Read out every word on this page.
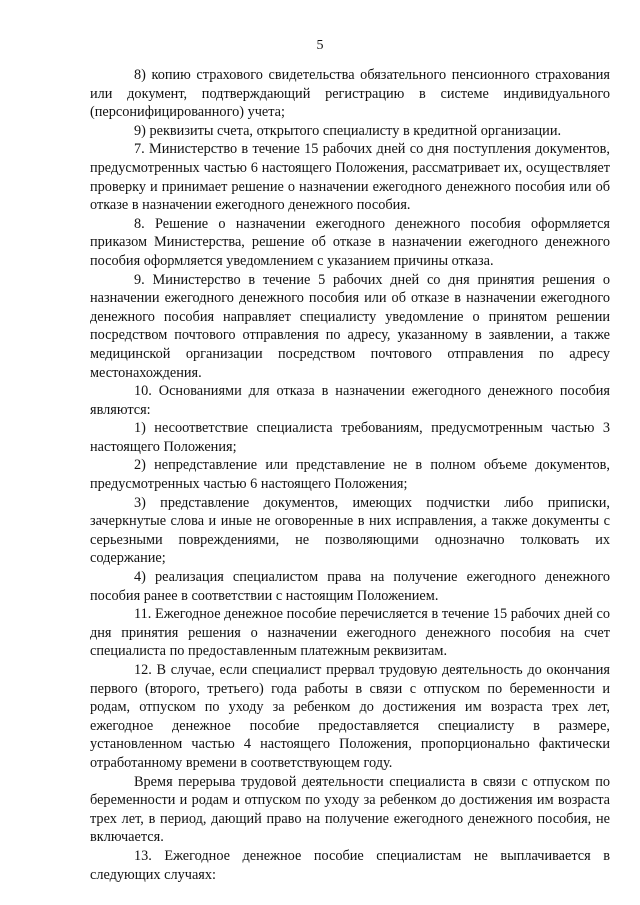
5

8) копию страхового свидетельства обязательного пенсионного страхования или документ, подтверждающий регистрацию в системе индивидуального (персонифицированного) учета;

9) реквизиты счета, открытого специалисту в кредитной организации.

7. Министерство в течение 15 рабочих дней со дня поступления документов, предусмотренных частью 6 настоящего Положения, рассматривает их, осуществляет проверку и принимает решение о назначении ежегодного денежного пособия или об отказе в назначении ежегодного денежного пособия.

8. Решение о назначении ежегодного денежного пособия оформляется приказом Министерства, решение об отказе в назначении ежегодного денежного пособия оформляется уведомлением с указанием причины отказа.

9. Министерство в течение 5 рабочих дней со дня принятия решения о назначении ежегодного денежного пособия или об отказе в назначении ежегодного денежного пособия направляет специалисту уведомление о принятом решении посредством почтового отправления по адресу, указанному в заявлении, а также медицинской организации посредством почтового отправления по адресу местонахождения.

10. Основаниями для отказа в назначении ежегодного денежного пособия являются:

1) несоответствие специалиста требованиям, предусмотренным частью 3 настоящего Положения;

2) непредставление или представление не в полном объеме документов, предусмотренных частью 6 настоящего Положения;

3) представление документов, имеющих подчистки либо приписки, зачеркнутые слова и иные не оговоренные в них исправления, а также документы с серьезными повреждениями, не позволяющими однозначно толковать их содержание;

4) реализация специалистом права на получение ежегодного денежного пособия ранее в соответствии с настоящим Положением.

11. Ежегодное денежное пособие перечисляется в течение 15 рабочих дней со дня принятия решения о назначении ежегодного денежного пособия на счет специалиста по предоставленным платежным реквизитам.

12. В случае, если специалист прервал трудовую деятельность до окончания первого (второго, третьего) года работы в связи с отпуском по беременности и родам, отпуском по уходу за ребенком до достижения им возраста трех лет, ежегодное денежное пособие предоставляется специалисту в размере, установленном частью 4 настоящего Положения, пропорционально фактически отработанному времени в соответствующем году.

Время перерыва трудовой деятельности специалиста в связи с отпуском по беременности и родам и отпуском по уходу за ребенком до достижения им возраста трех лет, в период, дающий право на получение ежегодного денежного пособия, не включается.

13. Ежегодное денежное пособие специалистам не выплачивается в следующих случаях:
